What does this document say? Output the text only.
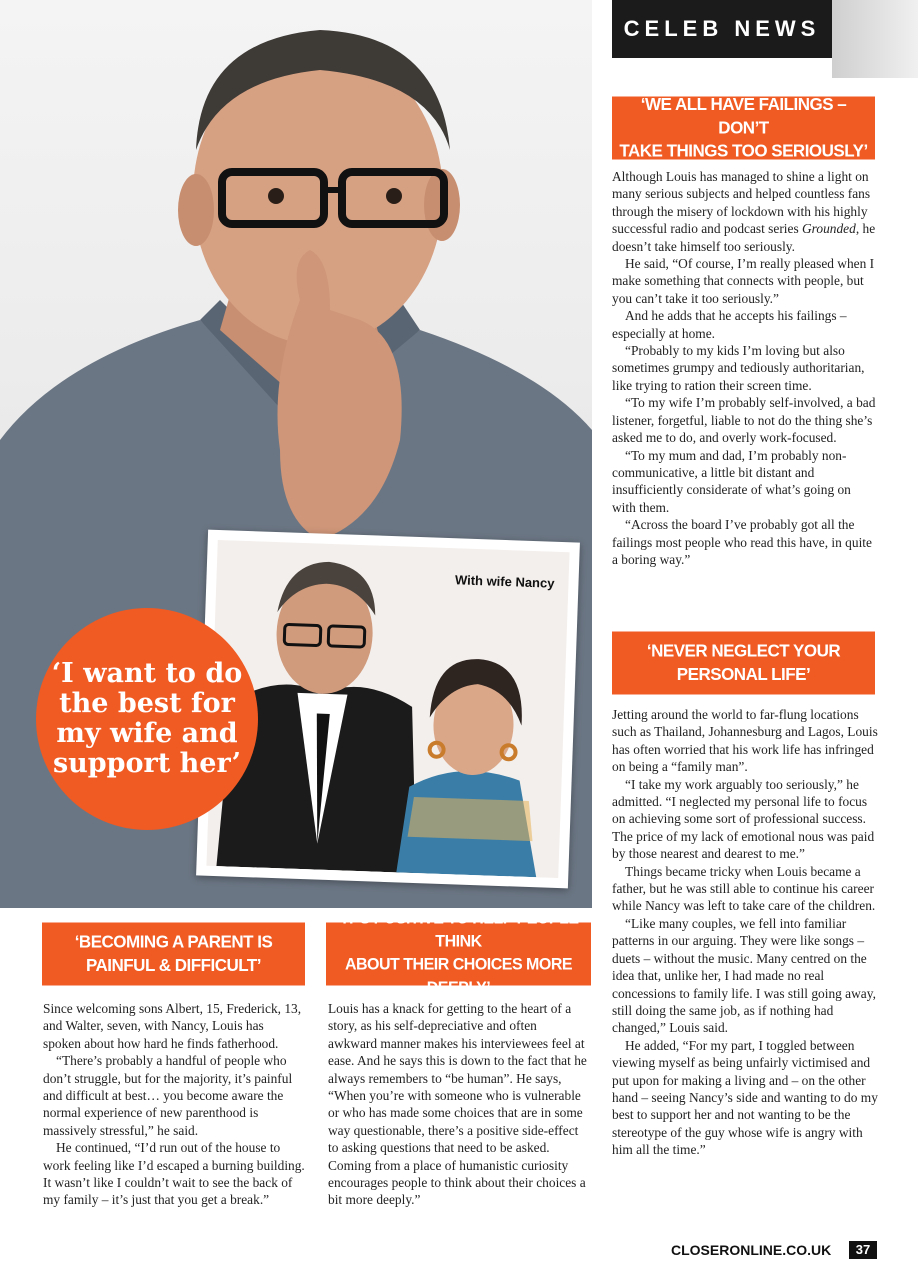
CELEB NEWS
With wife Nancy
‘I want to do the best for my wife and support her’
‘WE ALL HAVE FAILINGS – DON’T
TAKE THINGS TOO SERIOUSLY’

Although Louis has managed to shine a light on many serious subjects and helped countless fans through the misery of lockdown with his highly successful radio and podcast series Grounded, he doesn’t take himself too seriously.

He said, “Of course, I’m really pleased when I make something that connects with people, but you can’t take it too seriously.”

And he adds that he accepts his failings – especially at home.

“Probably to my kids I’m loving but also sometimes grumpy and tediously authoritarian, like trying to ration their screen time.

“To my wife I’m probably self-involved, a bad listener, forgetful, liable to not do the thing she’s asked me to do, and overly work-focused.

“To my mum and dad, I’m probably non-communicative, a little bit distant and insufficiently considerate of what’s going on with them.

“Across the board I’ve probably got all the failings most people who read this have, in quite a boring way.”

‘NEVER NEGLECT YOUR
PERSONAL LIFE’

Jetting around the world to far-flung locations such as Thailand, Johannesburg and Lagos, Louis has often worried that his work life has infringed on being a “family man”.

“I take my work arguably too seriously,” he admitted. “I neglected my personal life to focus on achieving some sort of professional success. The price of my lack of emotional nous was paid by those nearest and dearest to me.”

Things became tricky when Louis became a father, but he was still able to continue his career while Nancy was left to take care of the children.

“Like many couples, we fell into familiar patterns in our arguing. They were like songs – duets – without the music. Many centred on the idea that, unlike her, I had made no real concessions to family life. I was still going away, still doing the same job, as if nothing had changed,” Louis said.

He added, “For my part, I toggled between viewing myself as being unfairly victimised and put upon for making a living and – on the other hand – seeing Nancy’s side and wanting to do my best to support her and not wanting to be the stereotype of the guy whose wife is angry with him all the time.”

‘BECOMING A PARENT IS
PAINFUL & DIFFICULT’

Since welcoming sons Albert, 15, Frederick, 13, and Walter, seven, with Nancy, Louis has spoken about how hard he finds fatherhood.

“There’s probably a handful of people who don’t struggle, but for the majority, it’s painful and difficult at best… you become aware the normal experience of new parenthood is massively stressful,” he said.

He continued, “I’d run out of the house to work feeling like I’d escaped a burning building. It wasn’t like I couldn’t wait to see the back of my family – it’s just that you get a break.”

‘IT’S POSITIVE TO HELP PEOPLE THINK
ABOUT THEIR CHOICES MORE DEEPLY’

Louis has a knack for getting to the heart of a story, as his self-depreciative and often awkward manner makes his interviewees feel at ease. And he says this is down to the fact that he always remembers to “be human”. He says, “When you’re with someone who is vulnerable or who has made some choices that are in some way questionable, there’s a positive side-effect to asking questions that need to be asked. Coming from a place of humanistic curiosity encourages people to think about their choices a bit more deeply.”

CLOSERONLINE.CO.UK	37
